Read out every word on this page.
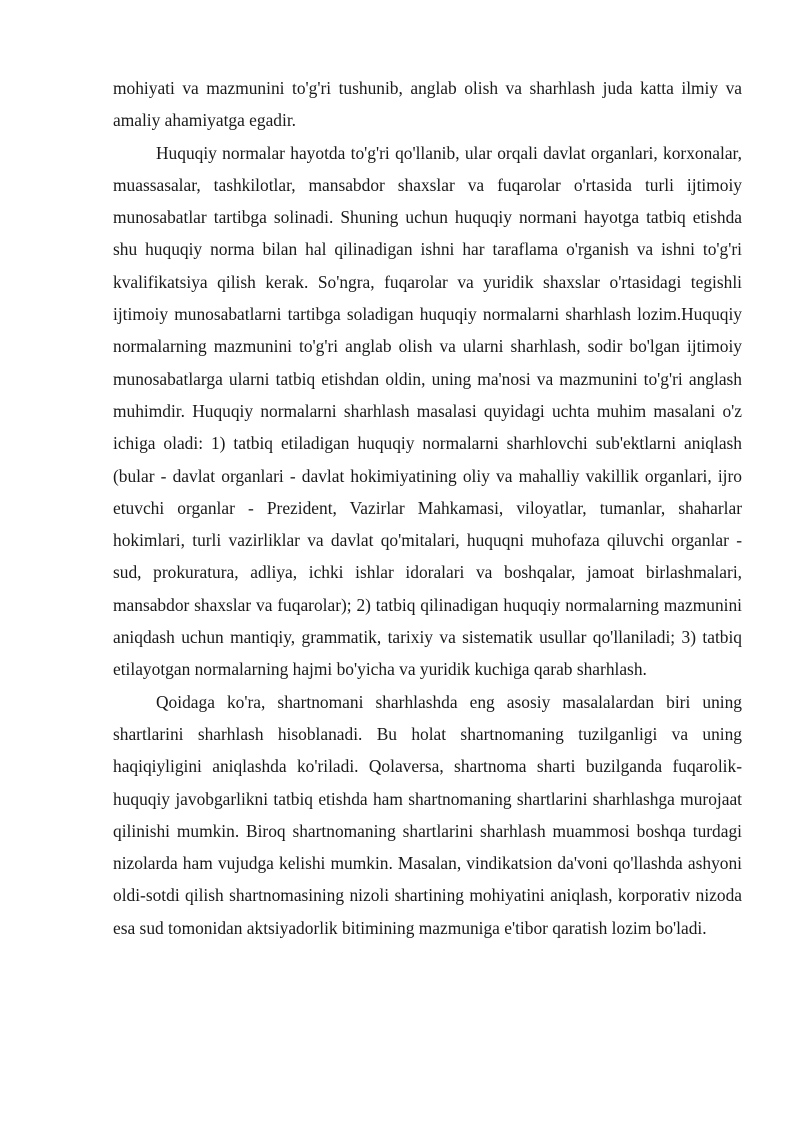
mohiyati va mazmunini to'g'ri tushunib, anglab olish va sharhlash juda katta ilmiy va amaliy ahamiyatga egadir.

Huquqiy normalar hayotda to'g'ri qo'llanib, ular orqali davlat organlari, korxonalar, muassasalar, tashkilotlar, mansabdor shaxslar va fuqarolar o'rtasida turli ijtimoiy munosabatlar tartibga solinadi. Shuning uchun huquqiy normani hayotga tatbiq etishda shu huquqiy norma bilan hal qilinadigan ishni har taraflama o'rganish va ishni to'g'ri kvalifikatsiya qilish kerak. So'ngra, fuqarolar va yuridik shaxslar o'rtasidagi tegishli ijtimoiy munosabatlarni tartibga soladigan huquqiy normalarni sharhlash lozim.Huquqiy normalarning mazmunini to'g'ri anglab olish va ularni sharhlash, sodir bo'lgan ijtimoiy munosabatlarga ularni tatbiq etishdan oldin, uning ma'nosi va mazmunini to'g'ri anglash muhimdir. Huquqiy normalarni sharhlash masalasi quyidagi uchta muhim masalani o'z ichiga oladi: 1) tatbiq etiladigan huquqiy normalarni sharhlovchi sub'ektlarni aniqlash (bular - davlat organlari - davlat hokimiyatining oliy va mahalliy vakillik organlari, ijro etuvchi organlar - Prezident, Vazirlar Mahkamasi, viloyatlar, tumanlar, shaharlar hokimlari, turli vazirliklar va davlat qo'mitalari, huquqni muhofaza qiluvchi organlar - sud, prokuratura, adliya, ichki ishlar idoralari va boshqalar, jamoat birlashmalari, mansabdor shaxslar va fuqarolar); 2) tatbiq qilinadigan huquqiy normalarning mazmunini aniqdash uchun mantiqiy, grammatik, tarixiy va sistematik usullar qo'llaniladi; 3) tatbiq etilayotgan normalarning hajmi bo'yicha va yuridik kuchiga qarab sharhlash.

Qoidaga ko'ra, shartnomani sharhlashda eng asosiy masalalardan biri uning shartlarini sharhlash hisoblanadi. Bu holat shartnomaning tuzilganligi va uning haqiqiyligini aniqlashda ko'riladi. Qolaversa, shartnoma sharti buzilganda fuqarolik-huquqiy javobgarlikni tatbiq etishda ham shartnomaning shartlarini sharhlashga murojaat qilinishi mumkin. Biroq shartnomaning shartlarini sharhlash muammosi boshqa turdagi nizolarda ham vujudga kelishi mumkin. Masalan, vindikatsion da'voni qo'llashda ashyoni oldi-sotdi qilish shartnomasining nizoli shartining mohiyatini aniqlash, korporativ nizoda esa sud tomonidan aktsiyadorlik bitimining mazmuniga e'tibor qaratish lozim bo'ladi.
